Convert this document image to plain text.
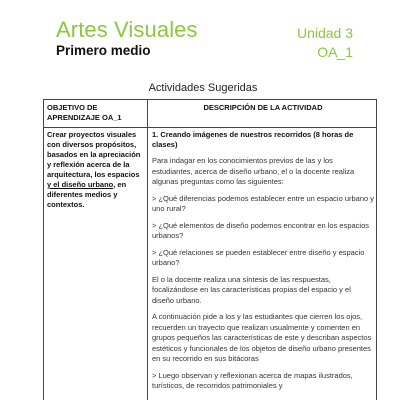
Artes Visuales
Primero medio
Unidad 3
OA_1
Actividades Sugeridas
OBJETIVO DE APRENDIZAJE OA_1
DESCRIPCIÓN DE LA ACTIVIDAD
Crear proyectos visuales con diversos propósitos, basados en la apreciación y reflexión acerca de la arquitectura, los espacios y el diseño urbano, en diferentes medios y contextos.
1. Creando imágenes de nuestros recorridos (8 horas de clases)
Para indagar en los conocimientos previos de las y los estudiantes, acerca de diseño urbano, el o la docente realiza algunas preguntas como las siguientes:
> ¿Qué diferencias podemos establecer entre un espacio urbano y uno rural?
> ¿Qué elementos de diseño podemos encontrar en los espacios urbanos?
> ¿Qué relaciones se pueden establecer entre diseño y espacio urbano?
El o la docente realiza una síntesis de las respuestas, focalizándose en las características propias del espacio y el diseño urbano.
A continuación pide a los y las estudiantes que cierren los ojos, recuerden un trayecto que realizan usualmente y comenten en grupos pequeños las características de este y describan aspectos estéticos y funcionales de los objetos de diseño urbano presentes en su recorrido en sus bitácoras
> Luego observan y reflexionan acerca de mapas ilustrados, turísticos, de recorridos patrimoniales y
